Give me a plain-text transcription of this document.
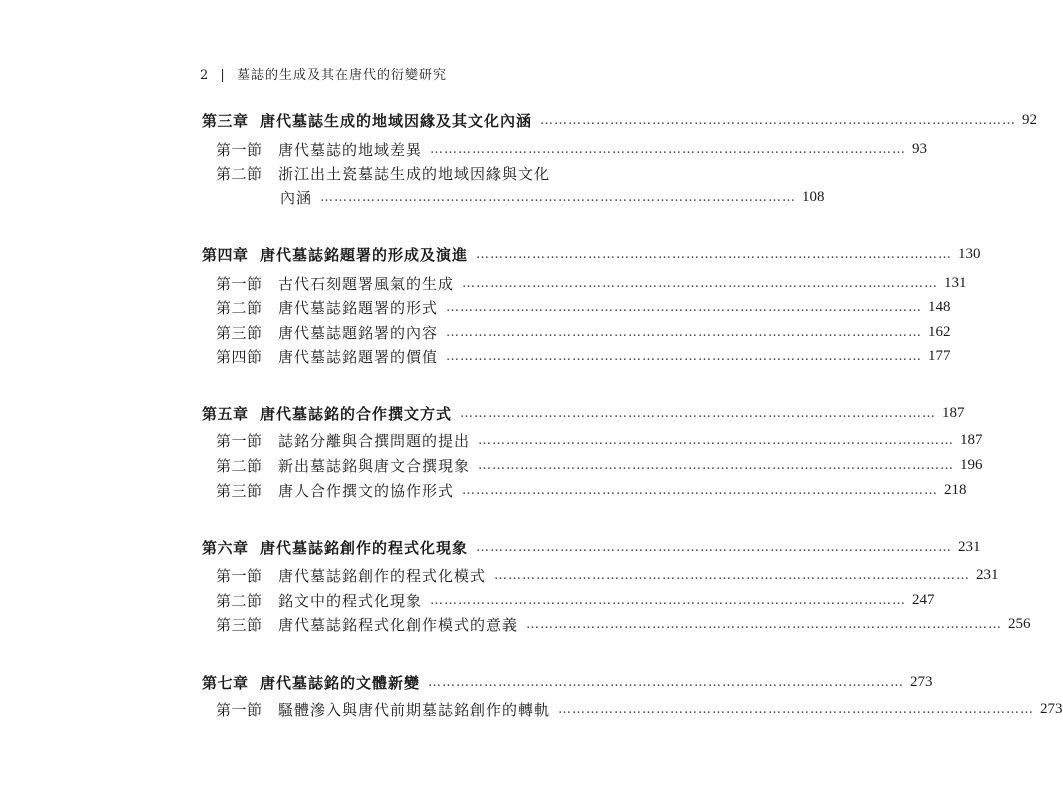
2 | 墓誌的生成及其在唐代的衍變研究
第三章 唐代墓誌生成的地域因緣及其文化內涵 ………………………………………………………………………………………… 92
第一節	唐代墓誌的地域差異 ………………………………………………………………………………………… 93
第二節	浙江出土瓷墓誌生成的地域因緣與文化
內涵 ………………………………………………………………………………………… 108
第四章 唐代墓誌銘題署的形成及演進 ………………………………………………………………………………………… 130
第一節	古代石刻題署風氣的生成 ………………………………………………………………………………………… 131
第二節	唐代墓誌銘題署的形式 ………………………………………………………………………………………… 148
第三節	唐代墓誌題銘署的內容 ………………………………………………………………………………………… 162
第四節	唐代墓誌銘題署的價值 ………………………………………………………………………………………… 177
第五章 唐代墓誌銘的合作撰文方式 ………………………………………………………………………………………… 187
第一節	誌銘分離與合撰問題的提出 ………………………………………………………………………………………… 187
第二節	新出墓誌銘與唐文合撰現象 ………………………………………………………………………………………… 196
第三節	唐人合作撰文的協作形式 ………………………………………………………………………………………… 218
第六章 唐代墓誌銘創作的程式化現象 ………………………………………………………………………………………… 231
第一節	唐代墓誌銘創作的程式化模式 ………………………………………………………………………………………… 231
第二節	銘文中的程式化現象 ………………………………………………………………………………………… 247
第三節	唐代墓誌銘程式化創作模式的意義 ………………………………………………………………………………………… 256
第七章 唐代墓誌銘的文體新變 ………………………………………………………………………………………… 273
第一節	騷體滲入與唐代前期墓誌銘創作的轉軌 ………………………………………………………………………………………… 273
